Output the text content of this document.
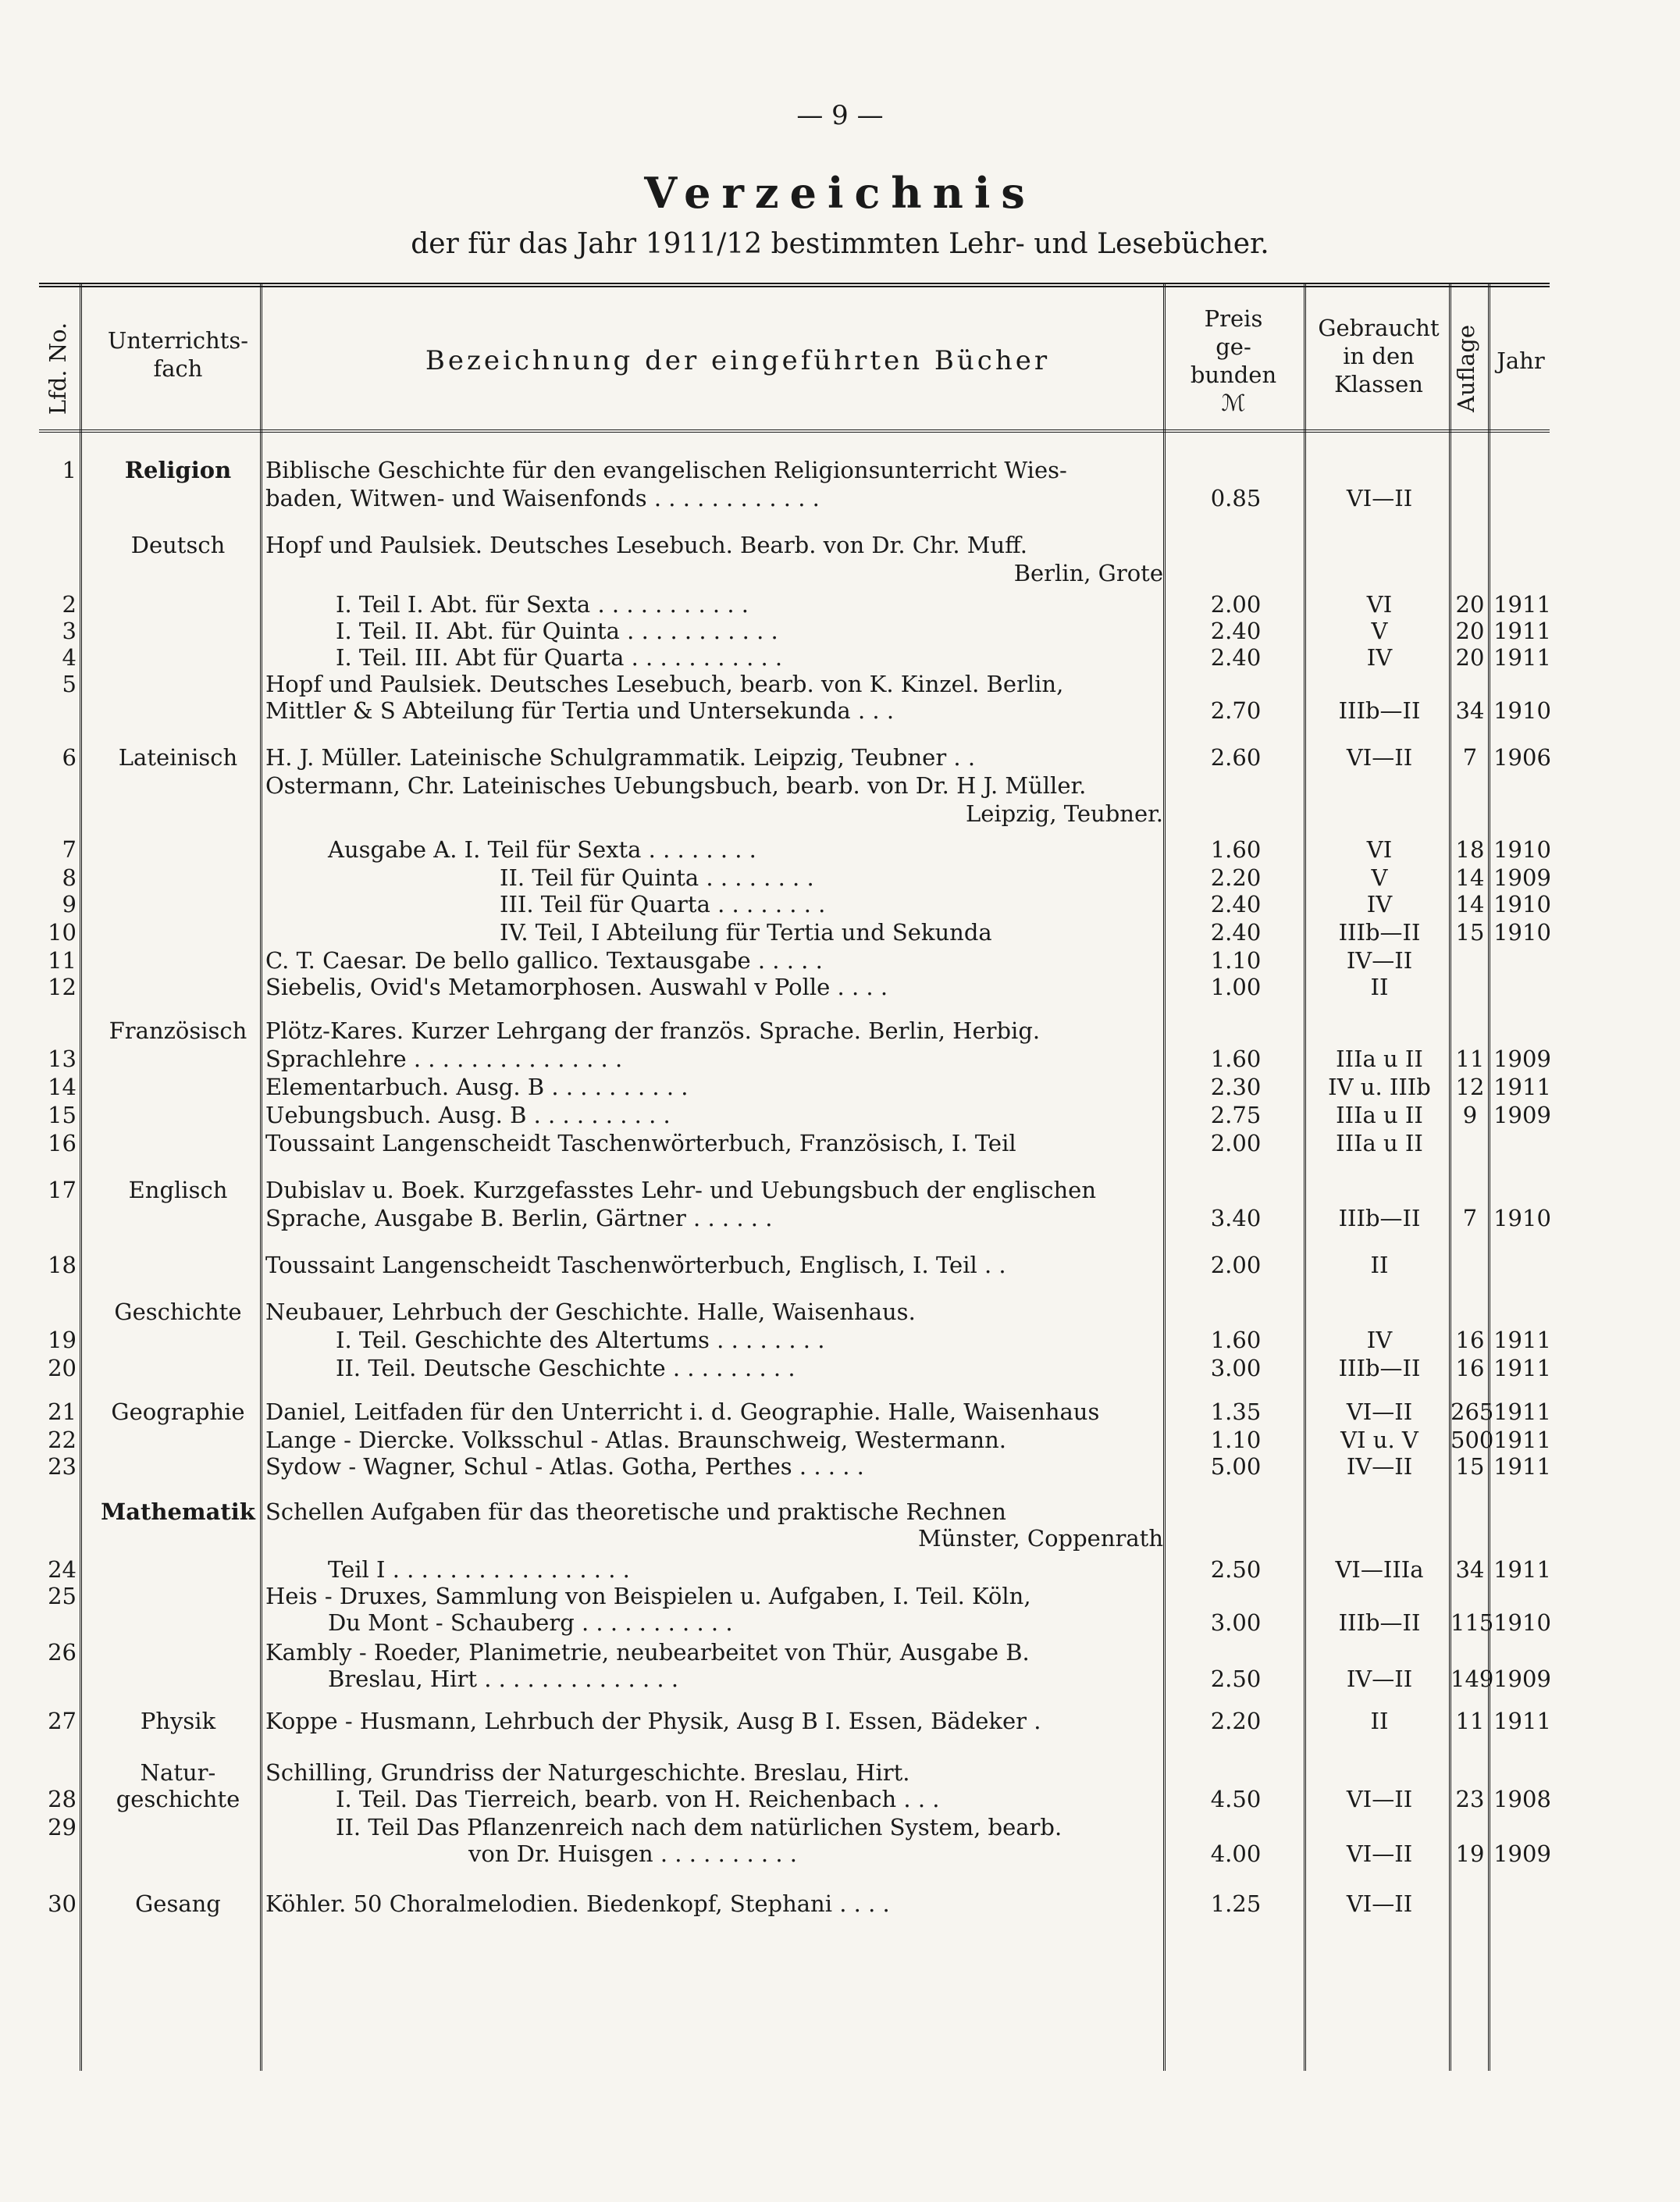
— 9 —
Verzeichnis
der für das Jahr 1911/12 bestimmten Lehr- und Lesebücher.
Lfd. No.	Unterrichts-
fach	Bezeichnung der eingeführten Bücher
Preis
ge-
bunden
ℳ
Gebraucht
in den
Klassen	Auflage Jahr
1	Religion	Biblische Geschichte für den evangelischen Religionsunterricht Wies-
baden, Witwen- und Waisenfonds . . . . . . . . . . . .	0.85	VI—II
Deutsch	Hopf und Paulsiek. Deutsches Lesebuch. Bearb. von Dr. Chr. Muff.
Berlin, Grote
2	I. Teil I. Abt. für Sexta . . . . . . . . . . .	2.00	VI	20 1911
3	I. Teil. II. Abt. für Quinta . . . . . . . . . . .	2.40	V	20 1911
4	I. Teil. III. Abt für Quarta . . . . . . . . . . .	2.40	IV	20 1911
5	Hopf und Paulsiek. Deutsches Lesebuch, bearb. von K. Kinzel. Berlin,
Mittler & S Abteilung für Tertia und Untersekunda . . .	2.70	IIIb—II	34 1910
6	Lateinisch	H. J. Müller. Lateinische Schulgrammatik. Leipzig, Teubner . .	2.60	VI—II	7 1906
Ostermann, Chr. Lateinisches Uebungsbuch, bearb. von Dr. H J. Müller.
Leipzig, Teubner.
7	Ausgabe A. I. Teil für Sexta . . . . . . . .	1.60	VI	18 1910
8	II. Teil für Quinta . . . . . . . .	2.20	V	14 1909
9	III. Teil für Quarta . . . . . . . .	2.40	IV	14 1910
10	IV. Teil, I Abteilung für Tertia und Sekunda	2.40	IIIb—II	15 1910
11	C. T. Caesar. De bello gallico. Textausgabe . . . . .	1.10	IV—II
12	Siebelis, Ovid's Metamorphosen. Auswahl v Polle . . . .	1.00	II
Französisch Plötz-Kares. Kurzer Lehrgang der französ. Sprache. Berlin, Herbig.
13	Sprachlehre . . . . . . . . . . . . . . .	1.60	IIIa u II	11 1909
14	Elementarbuch. Ausg. B . . . . . . . . . .	2.30	IV u. IIIb	12 1911
15	Uebungsbuch. Ausg. B . . . . . . . . . .	2.75	IIIa u II	9 1909
16	Toussaint Langenscheidt Taschenwörterbuch, Französisch, I. Teil	2.00	IIIa u II
17	Englisch	Dubislav u. Boek. Kurzgefasstes Lehr- und Uebungsbuch der englischen
Sprache, Ausgabe B. Berlin, Gärtner . . . . . .	3.40	IIIb—II	7 1910
18	Toussaint Langenscheidt Taschenwörterbuch, Englisch, I. Teil . .	2.00	II
Geschichte	Neubauer, Lehrbuch der Geschichte. Halle, Waisenhaus.
19	I. Teil. Geschichte des Altertums . . . . . . . .	1.60	IV	16 1911
20	II. Teil. Deutsche Geschichte . . . . . . . . .	3.00	IIIb—II	16 1911
21	Geographie Daniel, Leitfaden für den Unterricht i. d. Geographie. Halle, Waisenhaus	1.35	VI—II	265 1911
22	Lange - Diercke. Volksschul - Atlas. Braunschweig, Westermann.	1.10	VI u. V	500 1911
23	Sydow - Wagner, Schul - Atlas. Gotha, Perthes . . . . .	5.00	IV—II	15 1911
Mathematik Schellen Aufgaben für das theoretische und praktische Rechnen
Münster, Coppenrath
24	Teil I . . . . . . . . . . . . . . . . .	2.50	VI—IIIa	34 1911
25	Heis - Druxes, Sammlung von Beispielen u. Aufgaben, I. Teil. Köln,
Du Mont - Schauberg . . . . . . . . . . .	3.00	IIIb—II	115 1910
26	Kambly - Roeder, Planimetrie, neubearbeitet von Thür, Ausgabe B.
Breslau, Hirt . . . . . . . . . . . . . .	2.50	IV—II	149 1909
27	Physik	Koppe - Husmann, Lehrbuch der Physik, Ausg B I. Essen, Bädeker .	2.20	II	11 1911
Natur-	Schilling, Grundriss der Naturgeschichte. Breslau, Hirt.
28	geschichte	I. Teil. Das Tierreich, bearb. von H. Reichenbach . . .	4.50	VI—II	23 1908
29	II. Teil Das Pflanzenreich nach dem natürlichen System, bearb.
von Dr. Huisgen . . . . . . . . . .	4.00	VI—II	19 1909
30	Gesang	Köhler. 50 Choralmelodien. Biedenkopf, Stephani . . . .	1.25	VI—II
